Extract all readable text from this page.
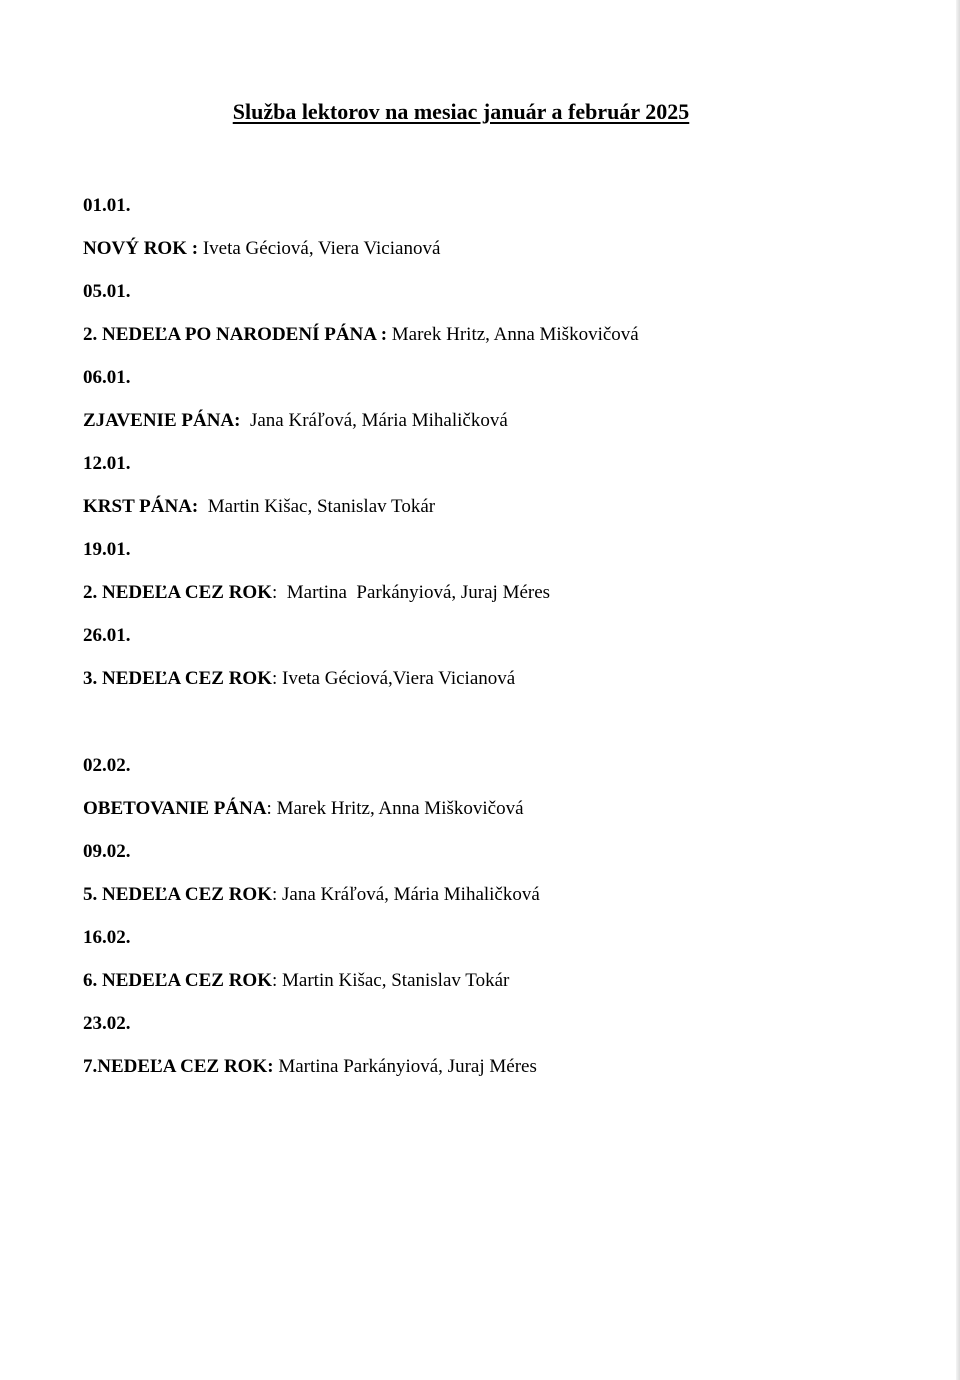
Služba lektorov na mesiac január a február 2025
01.01.
NOVÝ ROK : Iveta Géciová, Viera Vicianová
05.01.
2. NEDEĽA PO NARODENÍ PÁNA : Marek Hritz, Anna Miškovičová
06.01.
ZJAVENIE PÁNA:  Jana Kráľová, Mária Mihaličková
12.01.
KRST PÁNA:  Martin Kišac, Stanislav Tokár
19.01.
2. NEDEĽA CEZ ROK:  Martina  Parkányiová, Juraj Méres
26.01.
3. NEDEĽA CEZ ROK: Iveta Géciová,Viera Vicianová
02.02.
OBETOVANIE PÁNA: Marek Hritz, Anna Miškovičová
09.02.
5. NEDEĽA CEZ ROK: Jana Kráľová, Mária Mihaličková
16.02.
6. NEDEĽA CEZ ROK: Martin Kišac, Stanislav Tokár
23.02.
7.NEDEĽA CEZ ROK: Martina Parkányiová, Juraj Méres
